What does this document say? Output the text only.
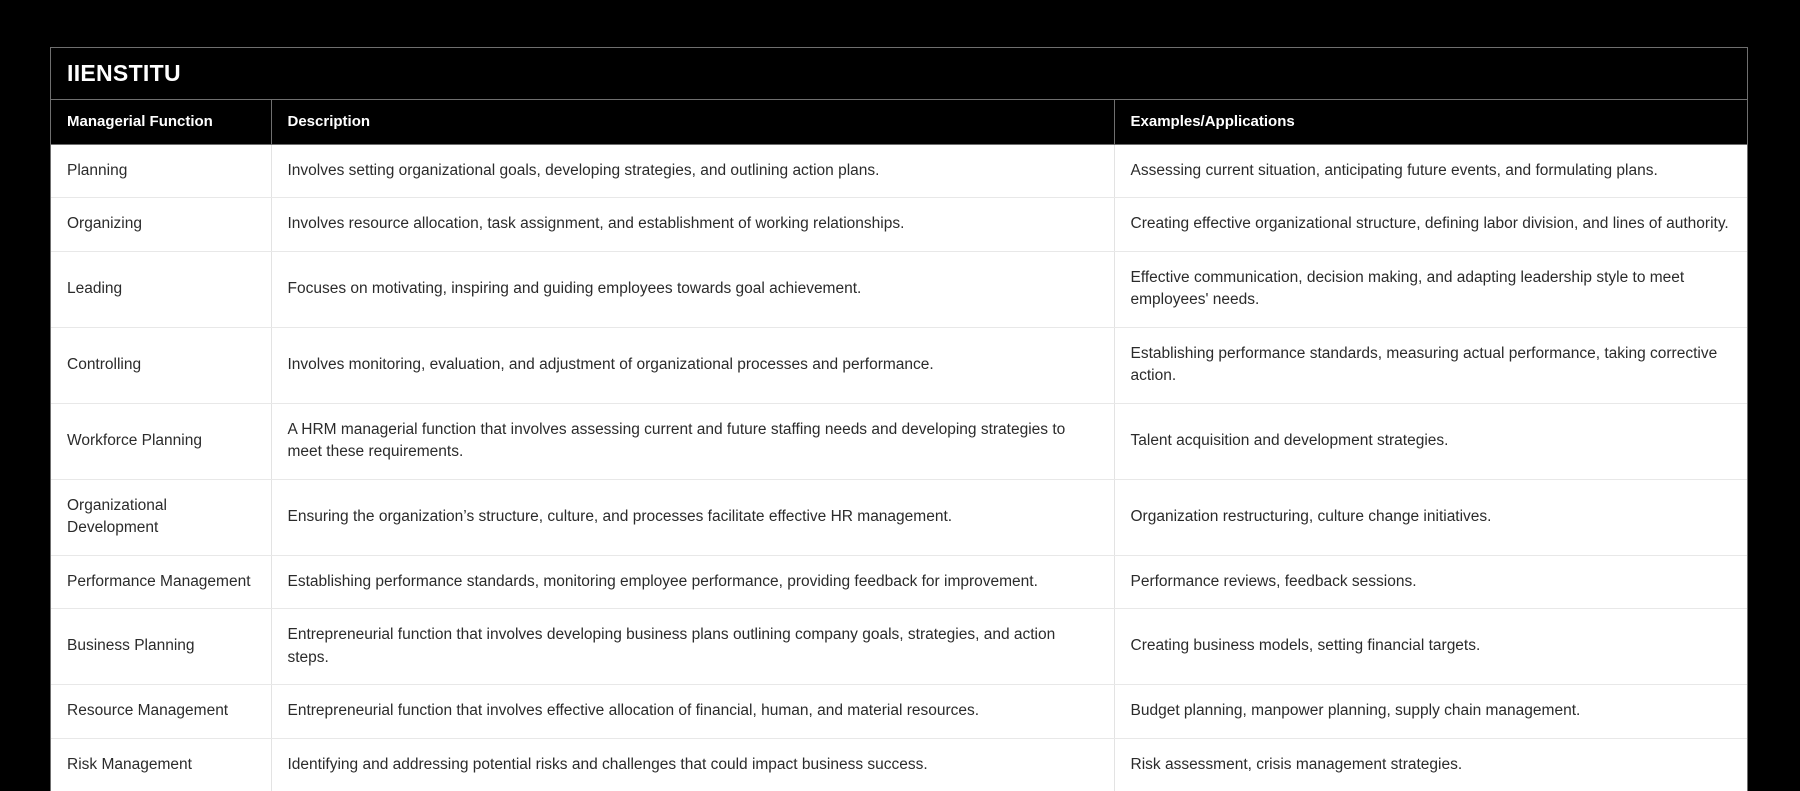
IIENSTITU
Managerial Function	Description	Examples/Applications
Planning	Involves setting organizational goals, developing strategies, and outlining action plans.	Assessing current situation, anticipating future events, and formulating plans.
Organizing	Involves resource allocation, task assignment, and establishment of working relationships.	Creating effective organizational structure, defining labor division, and lines of authority.
Leading	Focuses on motivating, inspiring and guiding employees towards goal achievement.	Effective communication, decision making, and adapting leadership style to meet employees' needs.
Controlling	Involves monitoring, evaluation, and adjustment of organizational processes and performance.	Establishing performance standards, measuring actual performance, taking corrective action.
Workforce Planning	A HRM managerial function that involves assessing current and future staffing needs and developing strategies to meet these requirements.	Talent acquisition and development strategies.
Organizational Development	Ensuring the organization’s structure, culture, and processes facilitate effective HR management.	Organization restructuring, culture change initiatives.
Performance Management	Establishing performance standards, monitoring employee performance, providing feedback for improvement.	Performance reviews, feedback sessions.
Business Planning	Entrepreneurial function that involves developing business plans outlining company goals, strategies, and action steps.	Creating business models, setting financial targets.
Resource Management	Entrepreneurial function that involves effective allocation of financial, human, and material resources.	Budget planning, manpower planning, supply chain management.
Risk Management	Identifying and addressing potential risks and challenges that could impact business success.	Risk assessment, crisis management strategies.
